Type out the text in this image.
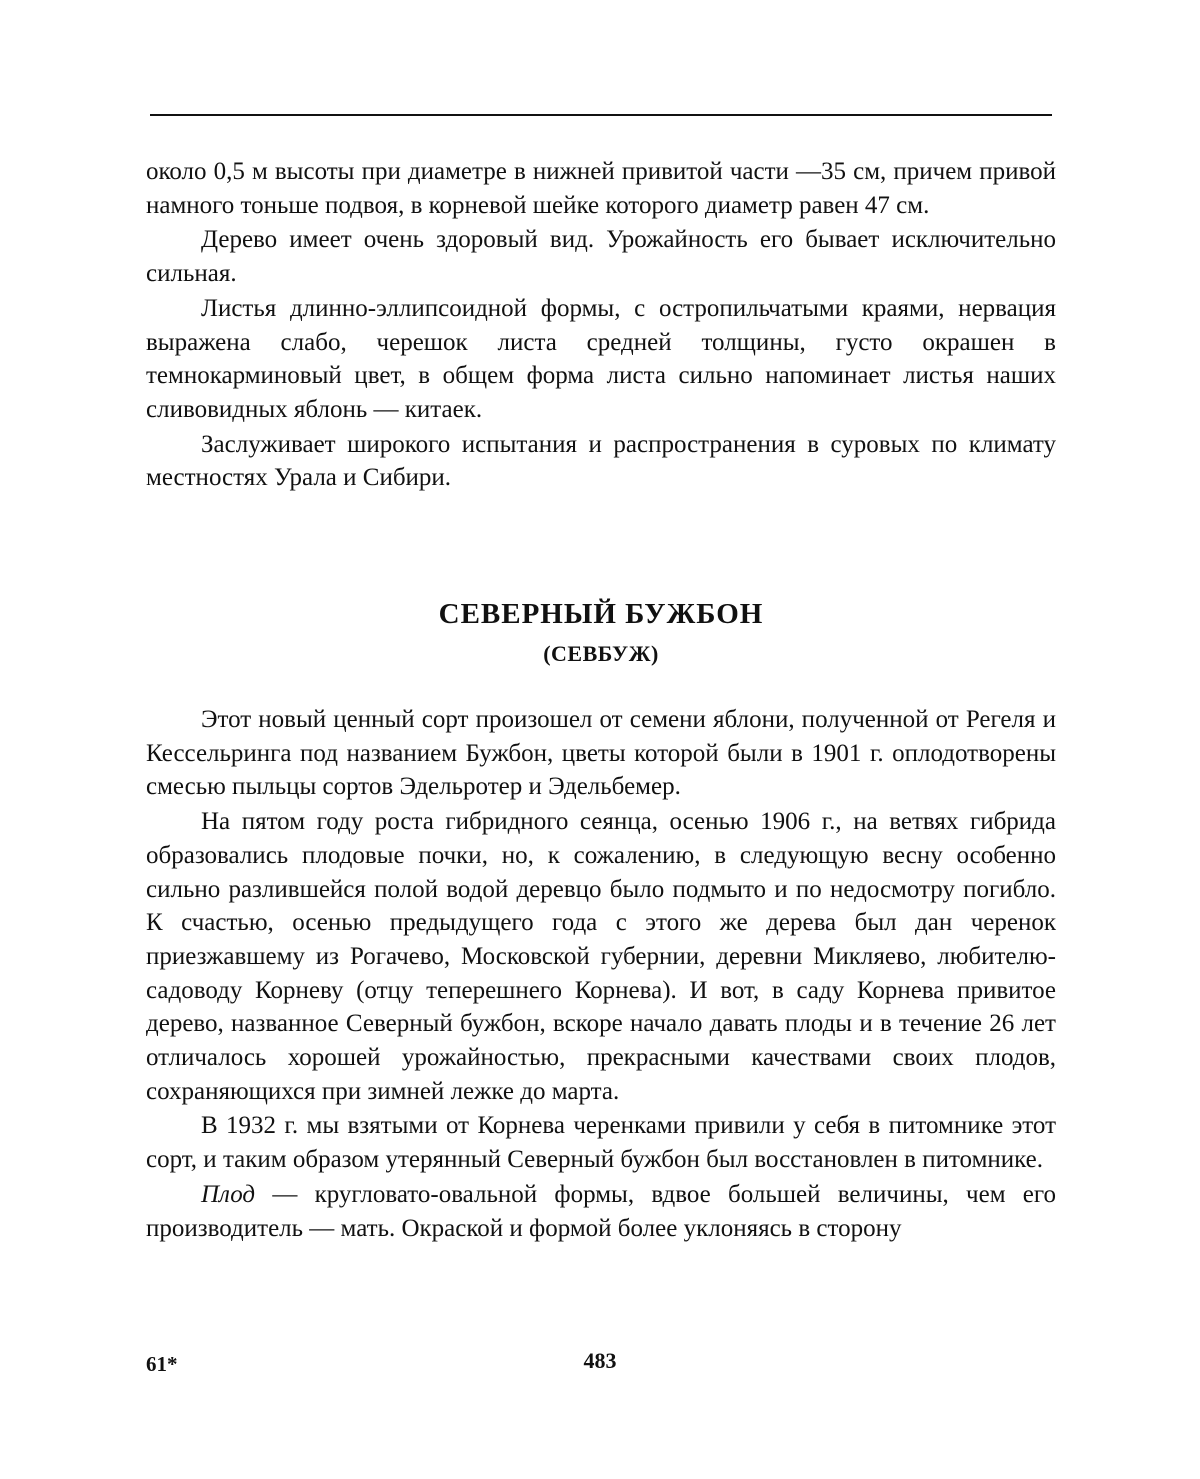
около 0,5 м высоты при диаметре в нижней привитой части —35 см, причем привой намного тоньше подвоя, в корневой шейке которого диаметр равен 47 см.

Дерево имеет очень здоровый вид. Урожайность его бывает исключительно сильная.

Листья длинно-эллипсоидной формы, с остропильчатыми краями, нервация выражена слабо, черешок листа средней толщины, густо окрашен в темнокарминовый цвет, в общем форма листа сильно напоминает листья наших сливовидных яблонь — китаек.

Заслуживает широкого испытания и распространения в суровых по климату местностях Урала и Сибири.

СЕВЕРНЫЙ БУЖБОН
(СЕВБУЖ)

Этот новый ценный сорт произошел от семени яблони, полученной от Регеля и Кессельринга под названием Бужбон, цветы которой были в 1901 г. оплодотворены смесью пыльцы сортов Эдельротер и Эдельбемер.

На пятом году роста гибридного сеянца, осенью 1906 г., на ветвях гибрида образовались плодовые почки, но, к сожалению, в следующую весну особенно сильно разлившейся полой водой деревцо было подмыто и по недосмотру погибло. К счастью, осенью предыдущего года с этого же дерева был дан черенок приезжавшему из Рогачево, Московской губернии, деревни Микляево, любителю-садоводу Корневу (отцу теперешнего Корнева). И вот, в саду Корнева привитое дерево, названное Северный бужбон, вскоре начало давать плоды и в течение 26 лет отличалось хорошей урожайностью, прекрасными качествами своих плодов, сохраняющихся при зимней лежке до марта.

В 1932 г. мы взятыми от Корнева черенками привили у себя в питомнике этот сорт, и таким образом утерянный Северный бужбон был восстановлен в питомнике.

Плод — кругловато-овальной формы, вдвое большей величины, чем его производитель — мать. Окраской и формой более уклоняясь в сторону

61*	483
